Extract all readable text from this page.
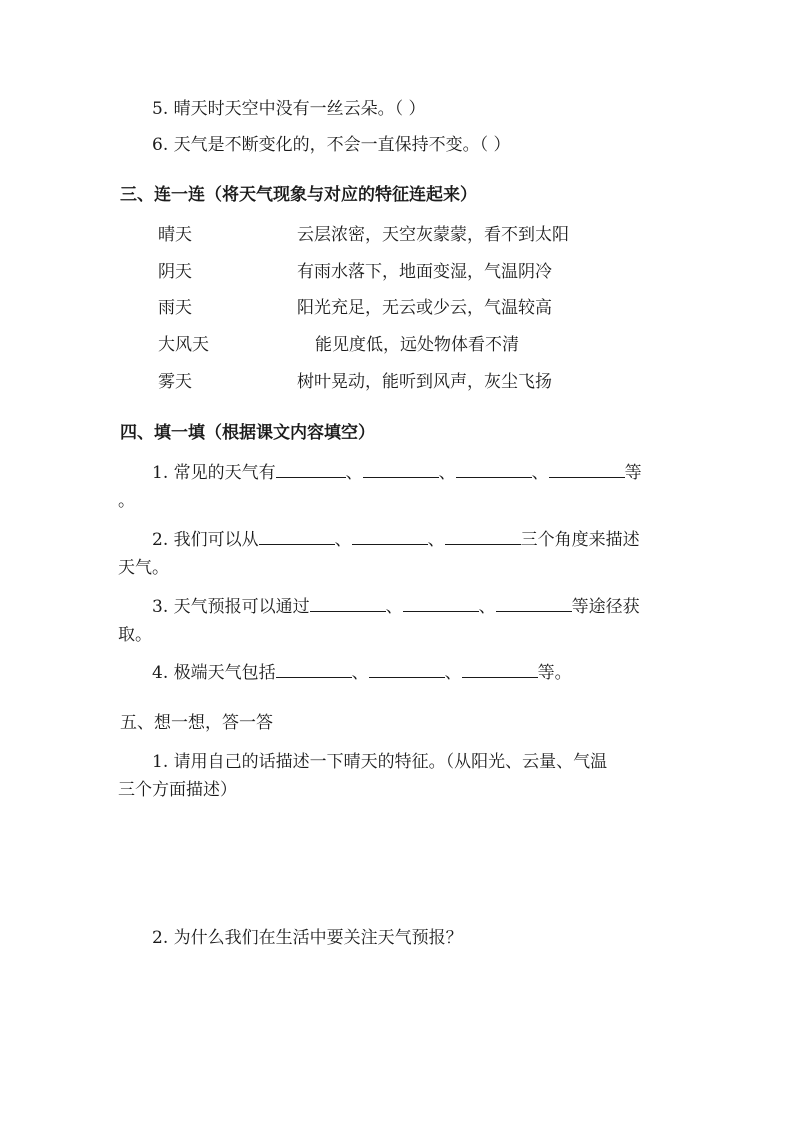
5. 晴天时天空中没有一丝云朵。（ ）
6. 天气是不断变化的，不会一直保持不变。（ ）
三、连一连（将天气现象与对应的特征连起来）
晴天	云层浓密，天空灰蒙蒙，看不到太阳
阴天	有雨水落下，地面变湿，气温阴冷
雨天	阳光充足，无云或少云，气温较高
大风天	能见度低，远处物体看不清
雾天	树叶晃动，能听到风声，灰尘飞扬
四、填一填（根据课文内容填空）
1. 常见的天气有	、	、	、	等
。
2. 我们可以从	、	、	三个角度来描述
天气。
3. 天气预报可以通过	、	、	等途径获
取。
4. 极端天气包括	、	、	等。
五、想一想，答一答
1. 请用自己的话描述一下晴天的特征。（从阳光、云量、气温
三个方面描述）
2. 为什么我们在生活中要关注天气预报？
